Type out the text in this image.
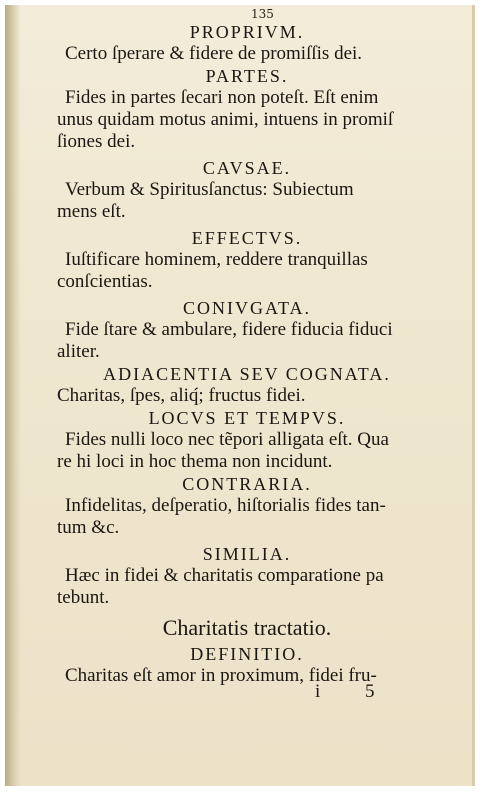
135
PROPRIVM.
Certo ſperare & fidere de promiſſis dei.
PARTES.
Fides in partes ſecari non poteſt. Eſt enim
unus quidam motus animi, intuens in promiſ
ſiones dei.
CAVSAE.
Verbum & Spiritusſanctus: Subiectum
mens eſt.
EFFECTVS.
Iuſtificare hominem, reddere tranquillas
conſcientias.
CONIVGATA.
Fide ſtare & ambulare, fidere fiducia fiduci
aliter.
ADIACENTIA SEV COGNATA.
Charitas, ſpes, aliq́; fructus fidei.
LOCVS ET TEMPVS.
Fides nulli loco nec tẽpori alligata eſt. Qua
re hi loci in hoc thema non incidunt.
CONTRARIA.
Infidelitas, deſperatio, hiſtorialis fides tan-
tum &c.
SIMILIA.
Hæc in fidei & charitatis comparatione pa
tebunt.
Charitatis tractatio.
DEFINITIO.
Charitas eſt amor in proximum, fidei fru-
i 5
